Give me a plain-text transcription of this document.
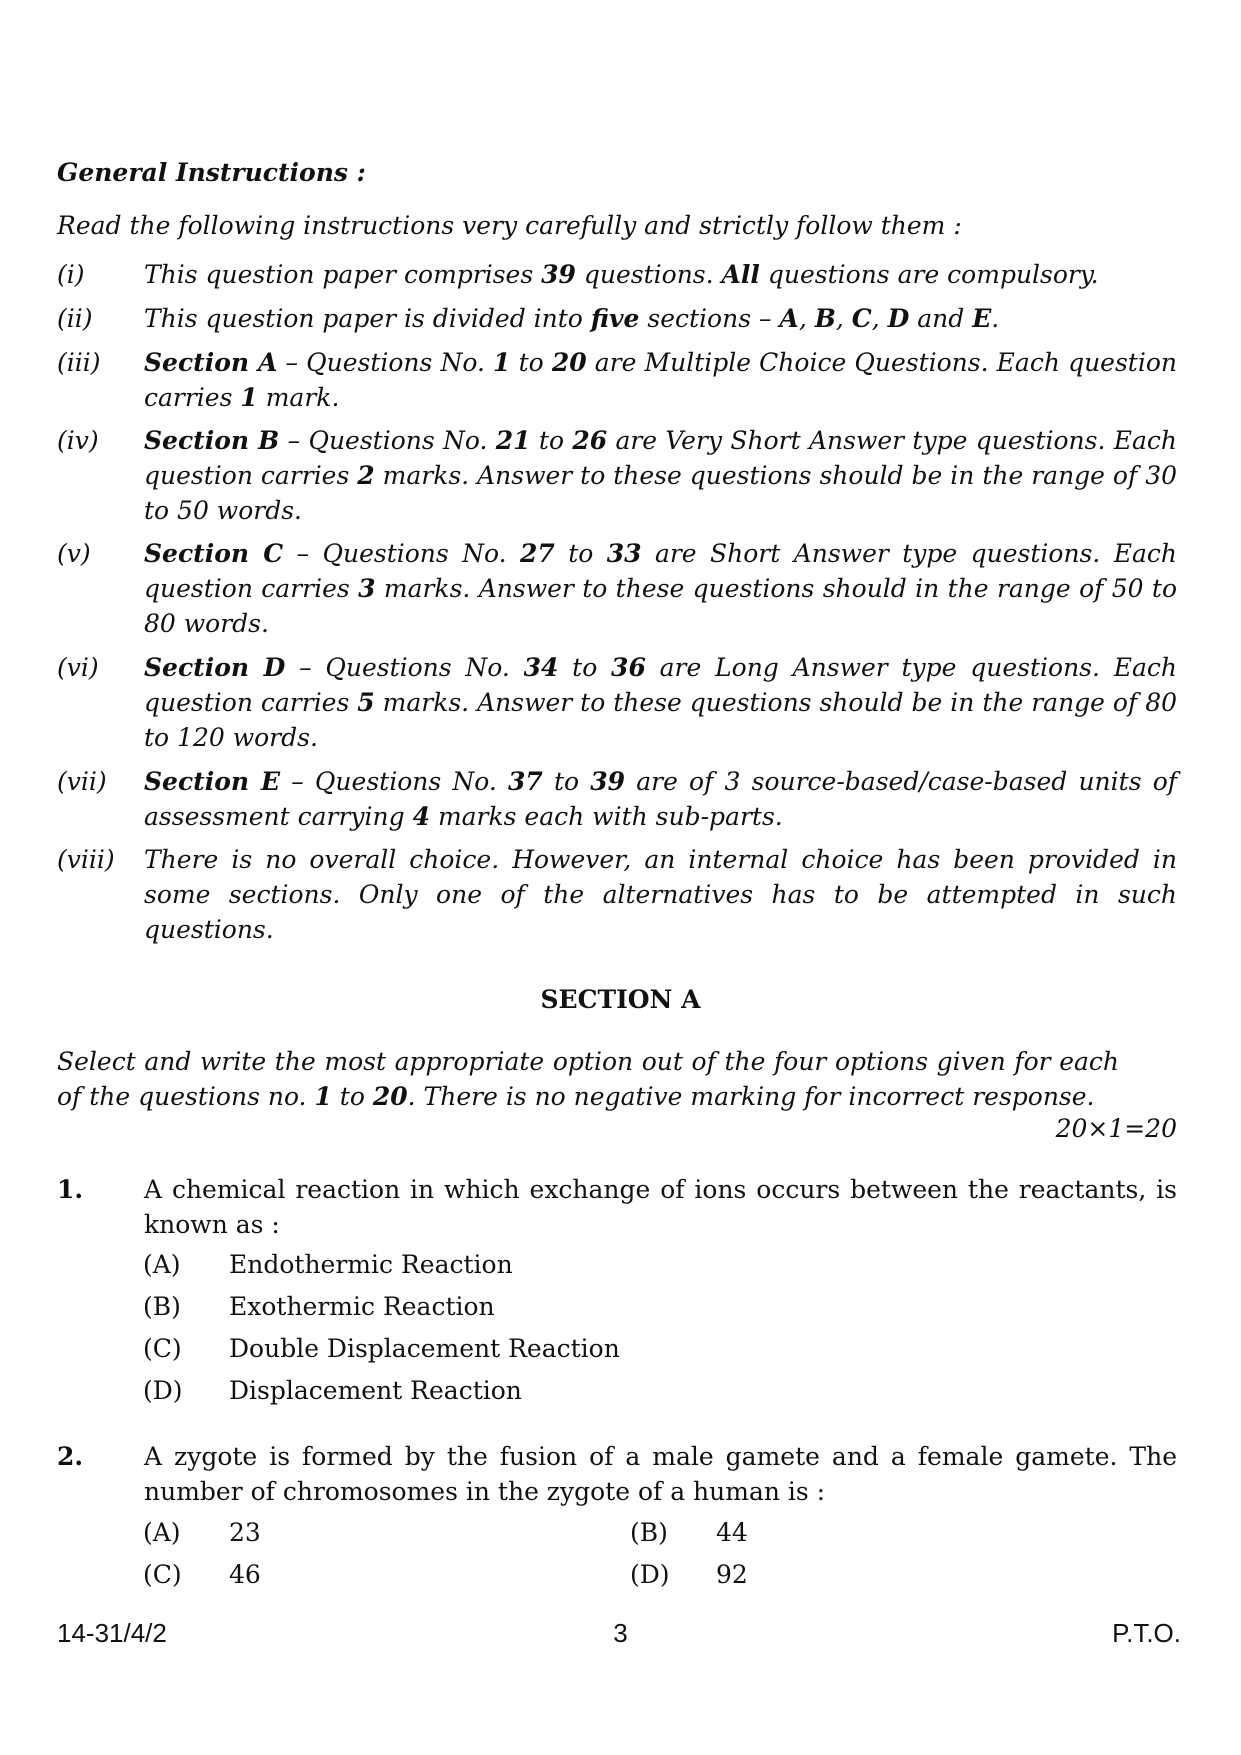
General Instructions :
Read the following instructions very carefully and strictly follow them :
(i) This question paper comprises 39 questions. All questions are compulsory.
(ii) This question paper is divided into five sections – A, B, C, D and E.
(iii) Section A – Questions No. 1 to 20 are Multiple Choice Questions. Each question carries 1 mark.
(iv) Section B – Questions No. 21 to 26 are Very Short Answer type questions. Each question carries 2 marks. Answer to these questions should be in the range of 30 to 50 words.
(v) Section C – Questions No. 27 to 33 are Short Answer type questions. Each question carries 3 marks. Answer to these questions should in the range of 50 to 80 words.
(vi) Section D – Questions No. 34 to 36 are Long Answer type questions. Each question carries 5 marks. Answer to these questions should be in the range of 80 to 120 words.
(vii) Section E – Questions No. 37 to 39 are of 3 source-based/case-based units of assessment carrying 4 marks each with sub-parts.
(viii) There is no overall choice. However, an internal choice has been provided in some sections. Only one of the alternatives has to be attempted in such questions.
SECTION A
Select and write the most appropriate option out of the four options given for each of the questions no. 1 to 20. There is no negative marking for incorrect response.
20×1=20
1. A chemical reaction in which exchange of ions occurs between the reactants, is known as :
(A) Endothermic Reaction
(B) Exothermic Reaction
(C) Double Displacement Reaction
(D) Displacement Reaction
2. A zygote is formed by the fusion of a male gamete and a female gamete. The number of chromosomes in the zygote of a human is :
(A) 23	(B) 44
(C) 46	(D) 92
14-31/4/2	3	P.T.O.
